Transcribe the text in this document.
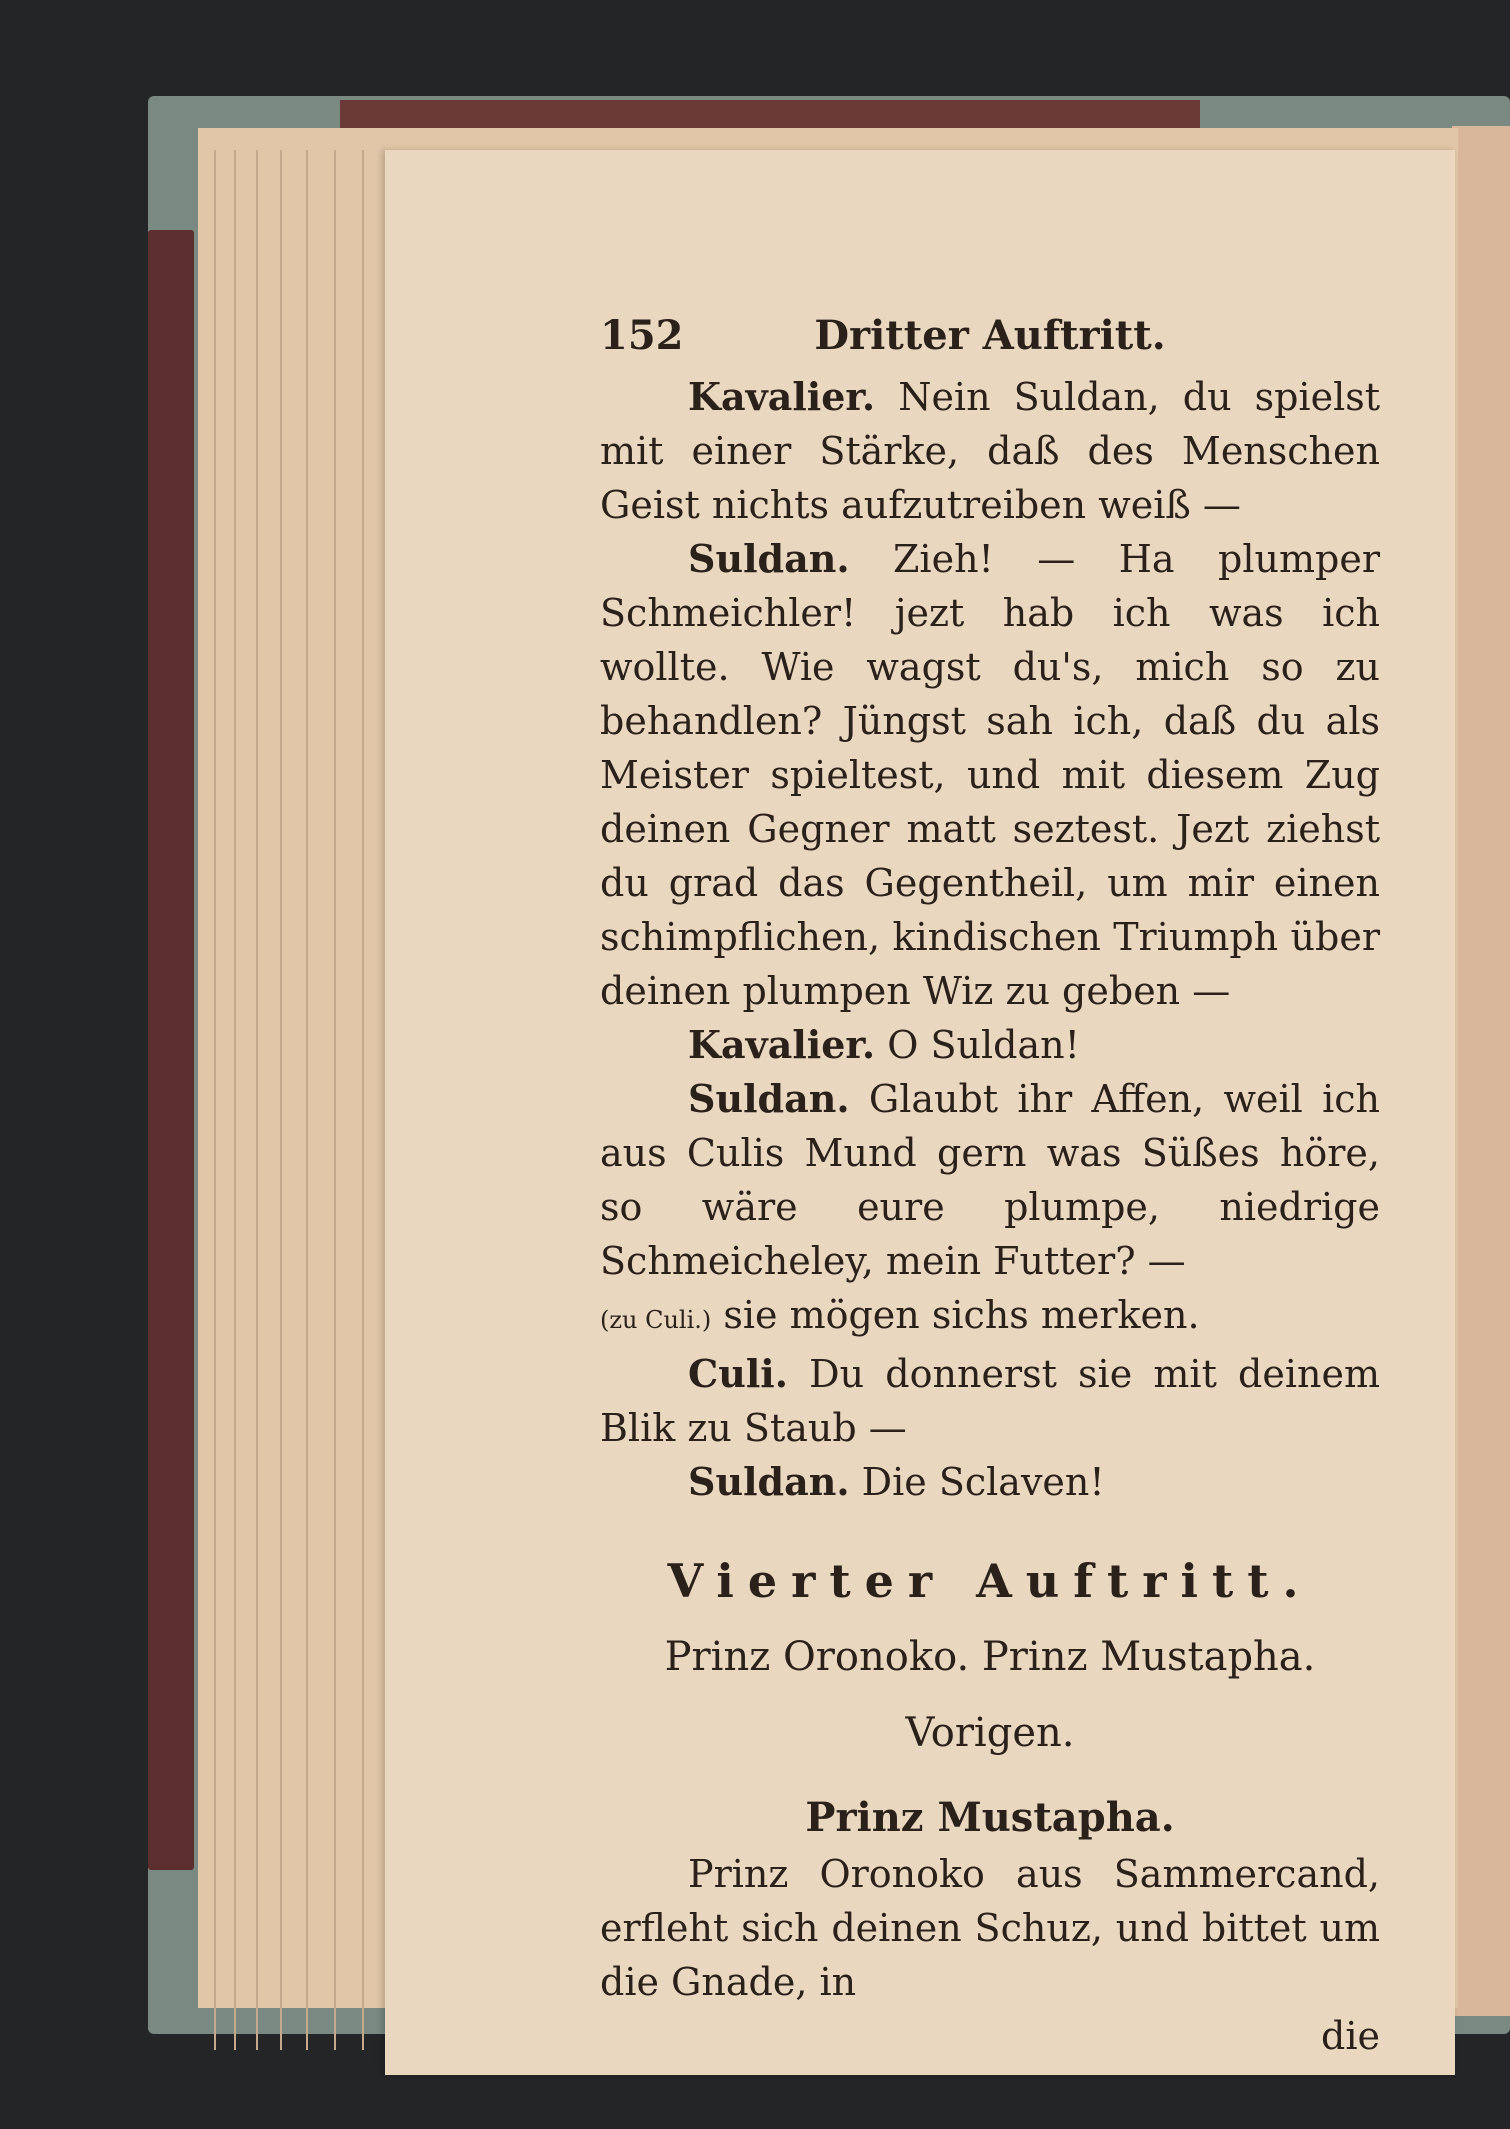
152	Dritter Auftritt.

Kavalier. Nein Suldan, du spielst mit einer Stärke, daß des Menschen Geist nichts aufzutreiben weiß —

Suldan. Zieh! — Ha plumper Schmeichler! jezt hab ich was ich wollte. Wie wagst du's, mich so zu behandlen? Jüngst sah ich, daß du als Meister spieltest, und mit diesem Zug deinen Gegner matt seztest. Jezt ziehst du grad das Gegentheil, um mir einen schimpflichen, kindischen Triumph über deinen plumpen Wiz zu geben —

Kavalier. O Suldan!

Suldan. Glaubt ihr Affen, weil ich aus Culis Mund gern was Süßes höre, so wäre eure plumpe, niedrige Schmeicheley, mein Futter? —
(zu Culi.) sie mögen sichs merken.

Culi. Du donnerst sie mit deinem Blik zu Staub —

Suldan. Die Sclaven!

Vierter Auftritt.
Prinz Oronoko. Prinz Mustapha.
Vorigen.
Prinz Mustapha.

Prinz Oronoko aus Sammercand, erfleht sich deinen Schuz, und bittet um die Gnade, in

die
